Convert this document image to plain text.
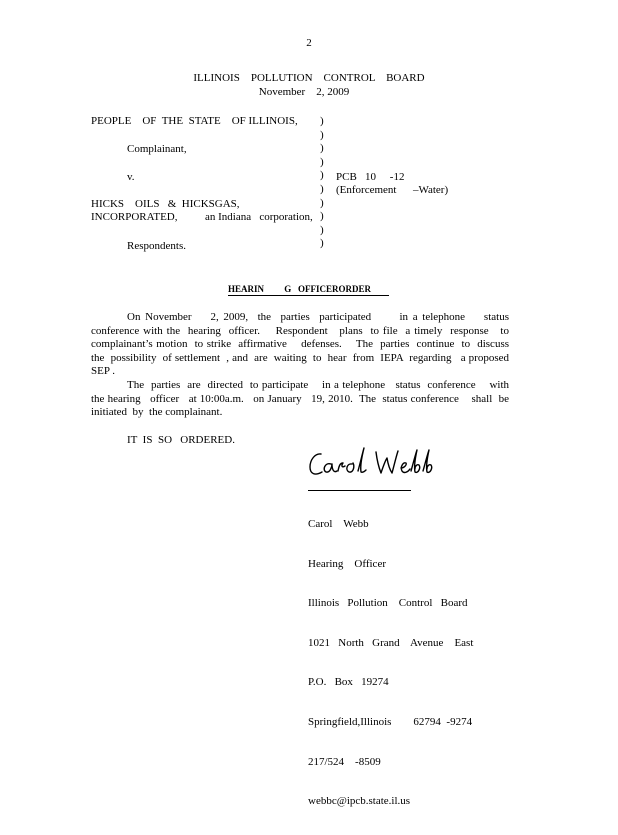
2
ILLINOIS    POLLUTION    CONTROL    BOARD
November    2, 2009
PEOPLE    OF  THE  STATE    OF ILLINOIS,
Complainant,
v.
HICKS    OILS   &  HICKSGAS,
INCORPORATED,          an Indiana   corporation,
Respondents.
)
)
)
)
)
)
)
)
)
)
PCB   10     -12
(Enforcement      –Water)
HEARIN         G   OFFICERORDER
On November    2, 2009,  the  parties  participated      in a telephone    status conference with the  hearing  officer.    Respondent   plans  to file  a timely  response   to complainant’s motion  to strike  affirmative    defenses.    The  parties  continue  to  discuss  the  possibility  of settlement  , and  are  waiting  to  hear  from  IEPA  regarding   a proposed   SEP .
The  parties  are  directed  to participate    in a telephone   status  conference    with  the hearing   officer   at 10:00a.m.   on January   19, 2010.  The  status conference    shall  be initiated  by  the complainant.
IT  IS  SO   ORDERED.

Carol    Webb

Hearing    Officer

Illinois   Pollution    Control   Board

1021   North   Grand    Avenue    East

P.O.   Box   19274

Springfield,Illinois        62794  -9274

217/524    -8509

webbc@ipcb.state.il.us
